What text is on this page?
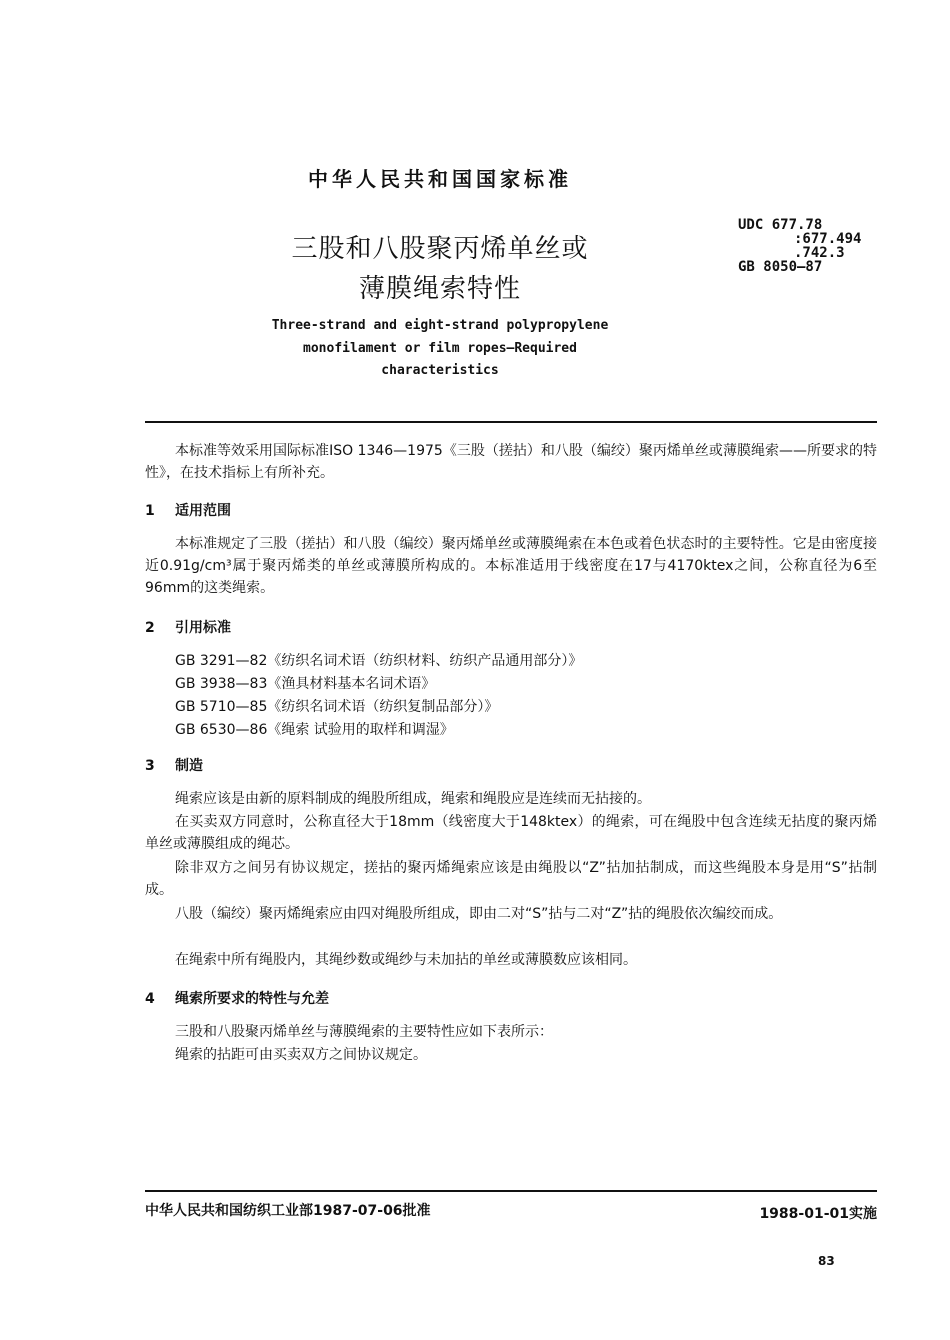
中华人民共和国国家标准
三股和八股聚丙烯单丝或
薄膜绳索特性
UDC 677.78
:677.494
.742.3
GB 8050—87
Three-strand and eight-strand polypropylene
monofilament or film ropes—Required
characteristics
本标准等效采用国际标准ISO 1346—1975《三股（搓拈）和八股（编绞）聚丙烯单丝或薄膜绳索——所要求的特性》，在技术指标上有所补充。
1 适用范围
本标准规定了三股（搓拈）和八股（编绞）聚丙烯单丝或薄膜绳索在本色或着色状态时的主要特性。它是由密度接近0.91g/cm³属于聚丙烯类的单丝或薄膜所构成的。本标准适用于线密度在17与4170ktex之间，公称直径为6至96mm的这类绳索。
2 引用标准
GB 3291—82《纺织名词术语（纺织材料、纺织产品通用部分）》
GB 3938—83《渔具材料基本名词术语》
GB 5710—85《纺织名词术语（纺织复制品部分）》
GB 6530—86《绳索 试验用的取样和调湿》
3 制造
绳索应该是由新的原料制成的绳股所组成，绳索和绳股应是连续而无拈接的。
在买卖双方同意时，公称直径大于18mm（线密度大于148ktex）的绳索，可在绳股中包含连续无拈度的聚丙烯单丝或薄膜组成的绳芯。
除非双方之间另有协议规定，搓拈的聚丙烯绳索应该是由绳股以“Z”拈加拈制成，而这些绳股本身是用“S”拈制成。
八股（编绞）聚丙烯绳索应由四对绳股所组成，即由二对“S”拈与二对“Z”拈的绳股依次编绞而成。
在绳索中所有绳股内，其绳纱数或绳纱与未加拈的单丝或薄膜数应该相同。
4 绳索所要求的特性与允差
三股和八股聚丙烯单丝与薄膜绳索的主要特性应如下表所示：
绳索的拈距可由买卖双方之间协议规定。
中华人民共和国纺织工业部1987-07-06批准	1988-01-01实施
83
